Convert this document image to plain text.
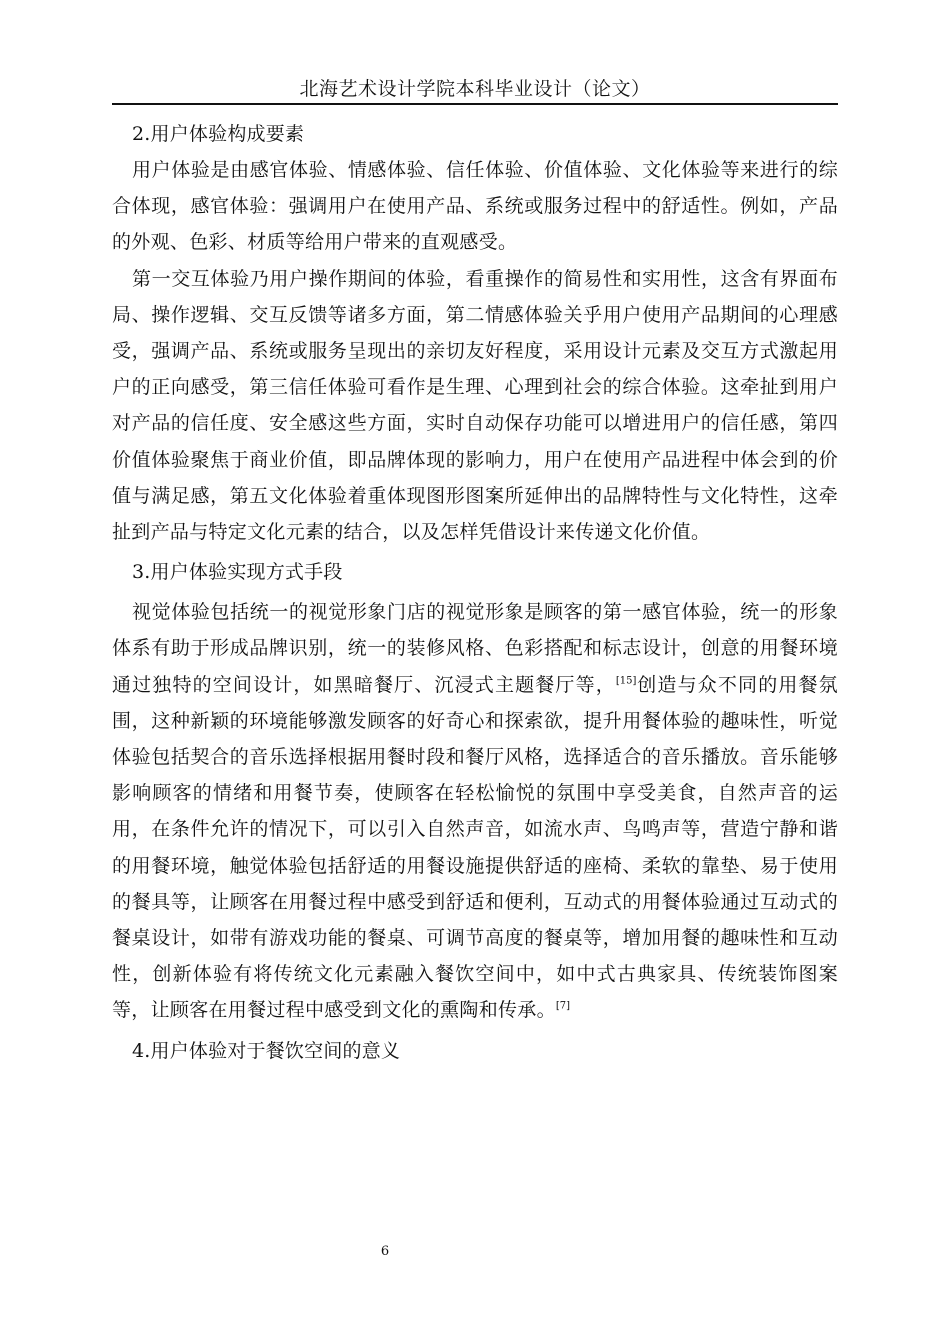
北海艺术设计学院本科毕业设计（论文）
2.用户体验构成要素

用户体验是由感官体验、情感体验、信任体验、价值体验、文化体验等来进行的综合体现，感官体验：强调用户在使用产品、系统或服务过程中的舒适性。例如，产品的外观、色彩、材质等给用户带来的直观感受。

第一交互体验乃用户操作期间的体验，看重操作的简易性和实用性，这含有界面布局、操作逻辑、交互反馈等诸多方面，第二情感体验关乎用户使用产品期间的心理感受，强调产品、系统或服务呈现出的亲切友好程度，采用设计元素及交互方式激起用户的正向感受，第三信任体验可看作是生理、心理到社会的综合体验。这牵扯到用户对产品的信任度、安全感这些方面，实时自动保存功能可以增进用户的信任感，第四价值体验聚焦于商业价值，即品牌体现的影响力，用户在使用产品进程中体会到的价值与满足感，第五文化体验着重体现图形图案所延伸出的品牌特性与文化特性，这牵扯到产品与特定文化元素的结合，以及怎样凭借设计来传递文化价值。

3.用户体验实现方式手段

视觉体验包括统一的视觉形象门店的视觉形象是顾客的第一感官体验，统一的形象体系有助于形成品牌识别，统一的装修风格、色彩搭配和标志设计，创意的用餐环境通过独特的空间设计，如黑暗餐厅、沉浸式主题餐厅等，[15]创造与众不同的用餐氛围，这种新颖的环境能够激发顾客的好奇心和探索欲，提升用餐体验的趣味性，听觉体验包括契合的音乐选择根据用餐时段和餐厅风格，选择适合的音乐播放。音乐能够影响顾客的情绪和用餐节奏，使顾客在轻松愉悦的氛围中享受美食，自然声音的运用，在条件允许的情况下，可以引入自然声音，如流水声、鸟鸣声等，营造宁静和谐的用餐环境，触觉体验包括舒适的用餐设施提供舒适的座椅、柔软的靠垫、易于使用的餐具等，让顾客在用餐过程中感受到舒适和便利，互动式的用餐体验通过互动式的餐桌设计，如带有游戏功能的餐桌、可调节高度的餐桌等，增加用餐的趣味性和互动性，创新体验有将传统文化元素融入餐饮空间中，如中式古典家具、传统装饰图案等，让顾客在用餐过程中感受到文化的熏陶和传承。[7]

4.用户体验对于餐饮空间的意义
6
